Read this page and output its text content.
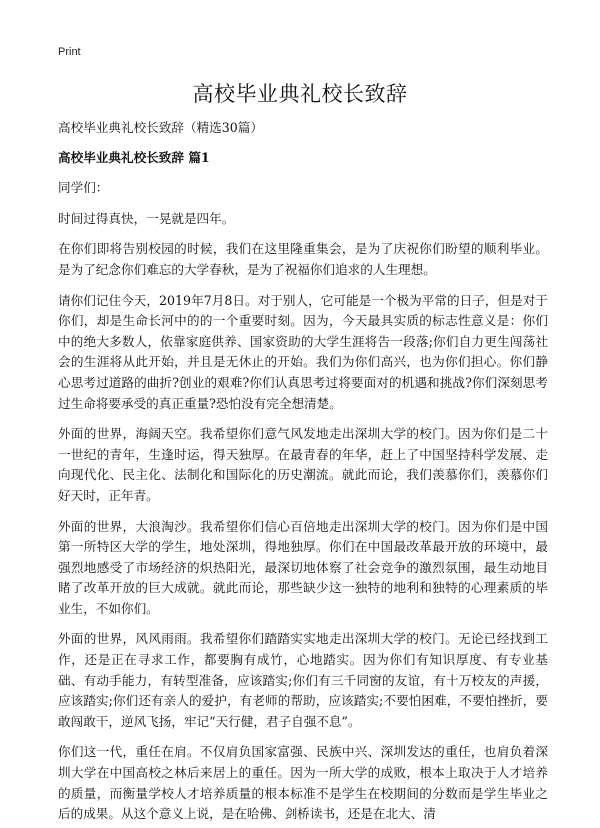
Print
高校毕业典礼校长致辞

高校毕业典礼校长致辞（精选30篇）

高校毕业典礼校长致辞 篇1

同学们：

时间过得真快，一晃就是四年。

在你们即将告别校园的时候，我们在这里隆重集会，是为了庆祝你们盼望的顺利毕业。是为了纪念你们难忘的大学春秋，是为了祝福你们追求的人生理想。

请你们记住今天，2019年7月8日。对于别人，它可能是一个极为平常的日子，但是对于你们，却是生命长河中的的一个重要时刻。因为，今天最具实质的标志性意义是：你们中的绝大多数人，依靠家庭供养、国家资助的大学生涯将告一段落;你们自力更生闯荡社会的生涯将从此开始，并且是无休止的开始。我们为你们高兴，也为你们担心。你们静心思考过道路的曲折?创业的艰难?你们认真思考过将要面对的机遇和挑战?你们深刻思考过生命将要承受的真正重量?恐怕没有完全想清楚。

外面的世界，海阔天空。我希望你们意气风发地走出深圳大学的校门。因为你们是二十一世纪的青年，生逢时运，得天独厚。在最青春的年华，赶上了中国坚持科学发展、走向现代化、民主化、法制化和国际化的历史潮流。就此而论，我们羡慕你们，羡慕你们好天时，正年青。

外面的世界，大浪淘沙。我希望你们信心百倍地走出深圳大学的校门。因为你们是中国第一所特区大学的学生，地处深圳，得地独厚。你们在中国最改革最开放的环境中，最强烈地感受了市场经济的炽热阳光，最深切地体察了社会竞争的激烈氛围，最生动地目睹了改革开放的巨大成就。就此而论，那些缺少这一独特的地利和独特的心理素质的毕业生，不如你们。

外面的世界，风风雨雨。我希望你们踏踏实实地走出深圳大学的校门。无论已经找到工作，还是正在寻求工作，都要胸有成竹，心地踏实。因为你们有知识厚度、有专业基础、有动手能力，有转型准备，应该踏实;你们有三千同窗的友谊，有十万校友的声援，应该踏实;你们还有亲人的爱护，有老师的帮助，应该踏实;不要怕困难，不要怕挫折，要敢闯敢干，逆风飞扬，牢记“天行健，君子自强不息”。

你们这一代，重任在肩。不仅肩负国家富强、民族中兴、深圳发达的重任，也肩负着深圳大学在中国高校之林后来居上的重任。因为一所大学的成败，根本上取决于人才培养的质量，而衡量学校人才培养质量的根本标准不是学生在校期间的分数而是学生毕业之后的成果。从这个意义上说，是在哈佛、剑桥读书，还是在北大、清
